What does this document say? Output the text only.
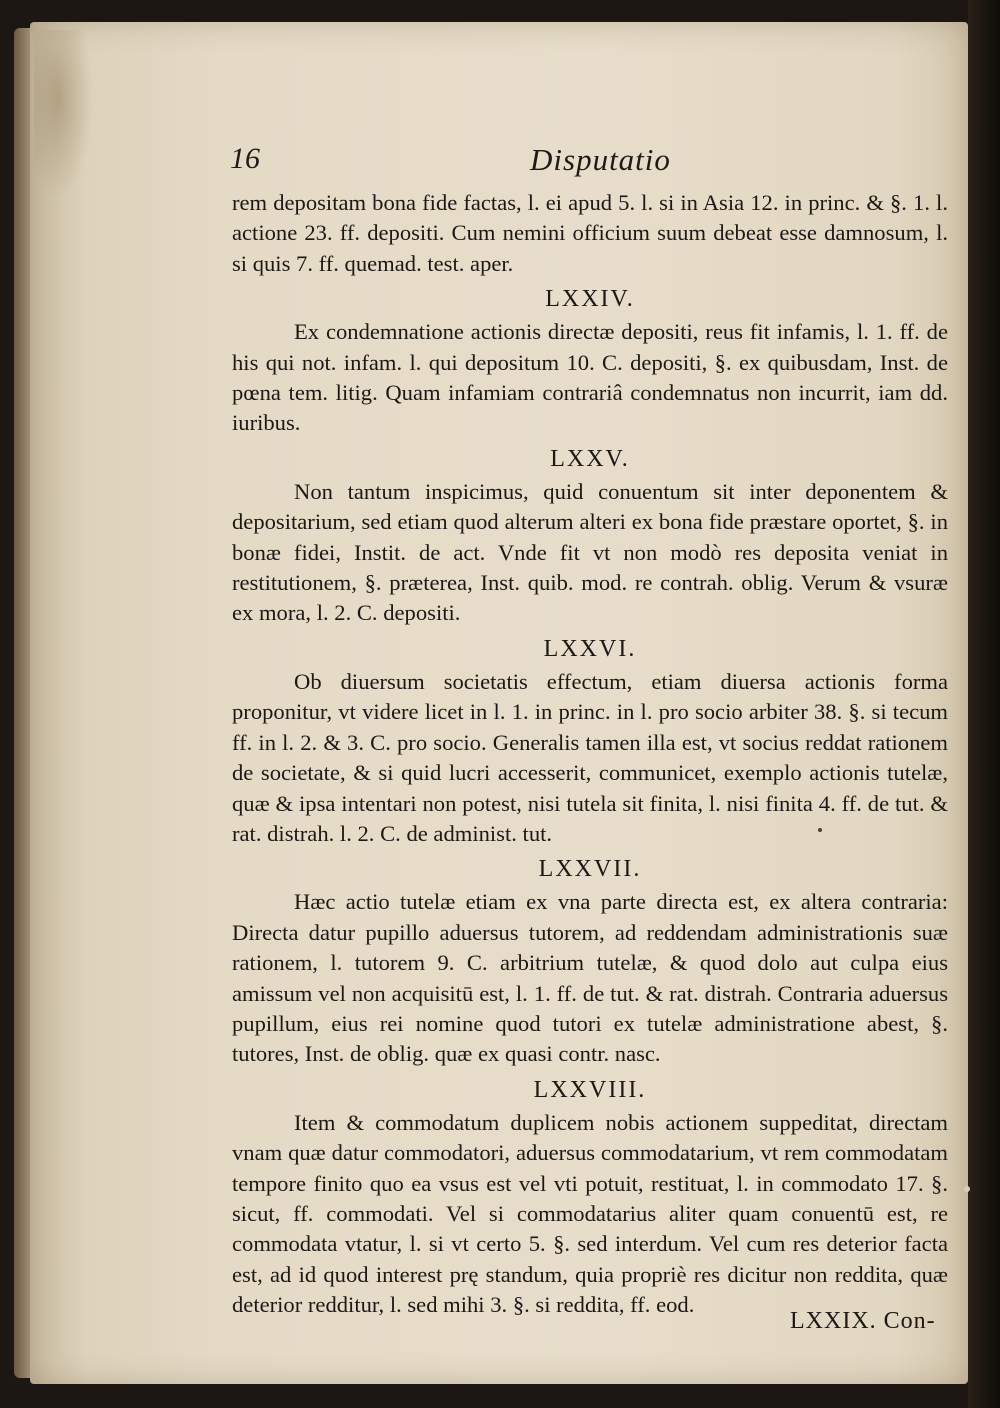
16	Disputatio

rem depositam bona fide factas, l. ei apud 5. l. si in Asia 12. in princ. & §. 1. l. actione 23. ff. depositi. Cum nemini officium suum debeat esse damnosum, l. si quis 7. ff. quemad. test. aper.

LXXIV.

Ex condemnatione actionis directæ depositi, reus fit infamis, l. 1. ff. de his qui not. infam. l. qui depositum 10. C. depositi, §. ex quibusdam, Inst. de pœna tem. litig. Quam infamiam contrariâ condemnatus non incurrit, iam dd. iuribus.

LXXV.

Non tantum inspicimus, quid conuentum sit inter deponentem & depositarium, sed etiam quod alterum alteri ex bona fide præstare oportet, §. in bonæ fidei, Instit. de act. Vnde fit vt non modò res deposita veniat in restitutionem, §. præterea, Inst. quib. mod. re contrah. oblig. Verum & vsuræ ex mora, l. 2. C. depositi.

LXXVI.

Ob diuersum societatis effectum, etiam diuersa actionis forma proponitur, vt videre licet in l. 1. in princ. in l. pro socio arbiter 38. §. si tecum ff. in l. 2. & 3. C. pro socio. Generalis tamen illa est, vt socius reddat rationem de societate, & si quid lucri accesserit, communicet, exemplo actionis tutelæ, quæ & ipsa intentari non potest, nisi tutela sit finita, l. nisi finita 4. ff. de tut. & rat. distrah. l. 2. C. de administ. tut.

LXXVII.

Hæc actio tutelæ etiam ex vna parte directa est, ex altera contraria: Directa datur pupillo aduersus tutorem, ad reddendam administrationis suæ rationem, l. tutorem 9. C. arbitrium tutelæ, & quod dolo aut culpa eius amissum vel non acquisitū est, l. 1. ff. de tut. & rat. distrah. Contraria aduersus pupillum, eius rei nomine quod tutori ex tutelæ administratione abest, §. tutores, Inst. de oblig. quæ ex quasi contr. nasc.

LXXVIII.

Item & commodatum duplicem nobis actionem suppeditat, directam vnam quæ datur commodatori, aduersus commodatarium, vt rem commodatam tempore finito quo ea vsus est vel vti potuit, restituat, l. in commodato 17. §. sicut, ff. commodati. Vel si commodatarius aliter quam conuentū est, re commodata vtatur, l. si vt certo 5. §. sed interdum. Vel cum res deterior facta est, ad id quod interest prę standum, quia propriè res dicitur non reddita, quæ deterior redditur, l. sed mihi 3. §. si reddita, ff. eod.

LXXIX. Con-
